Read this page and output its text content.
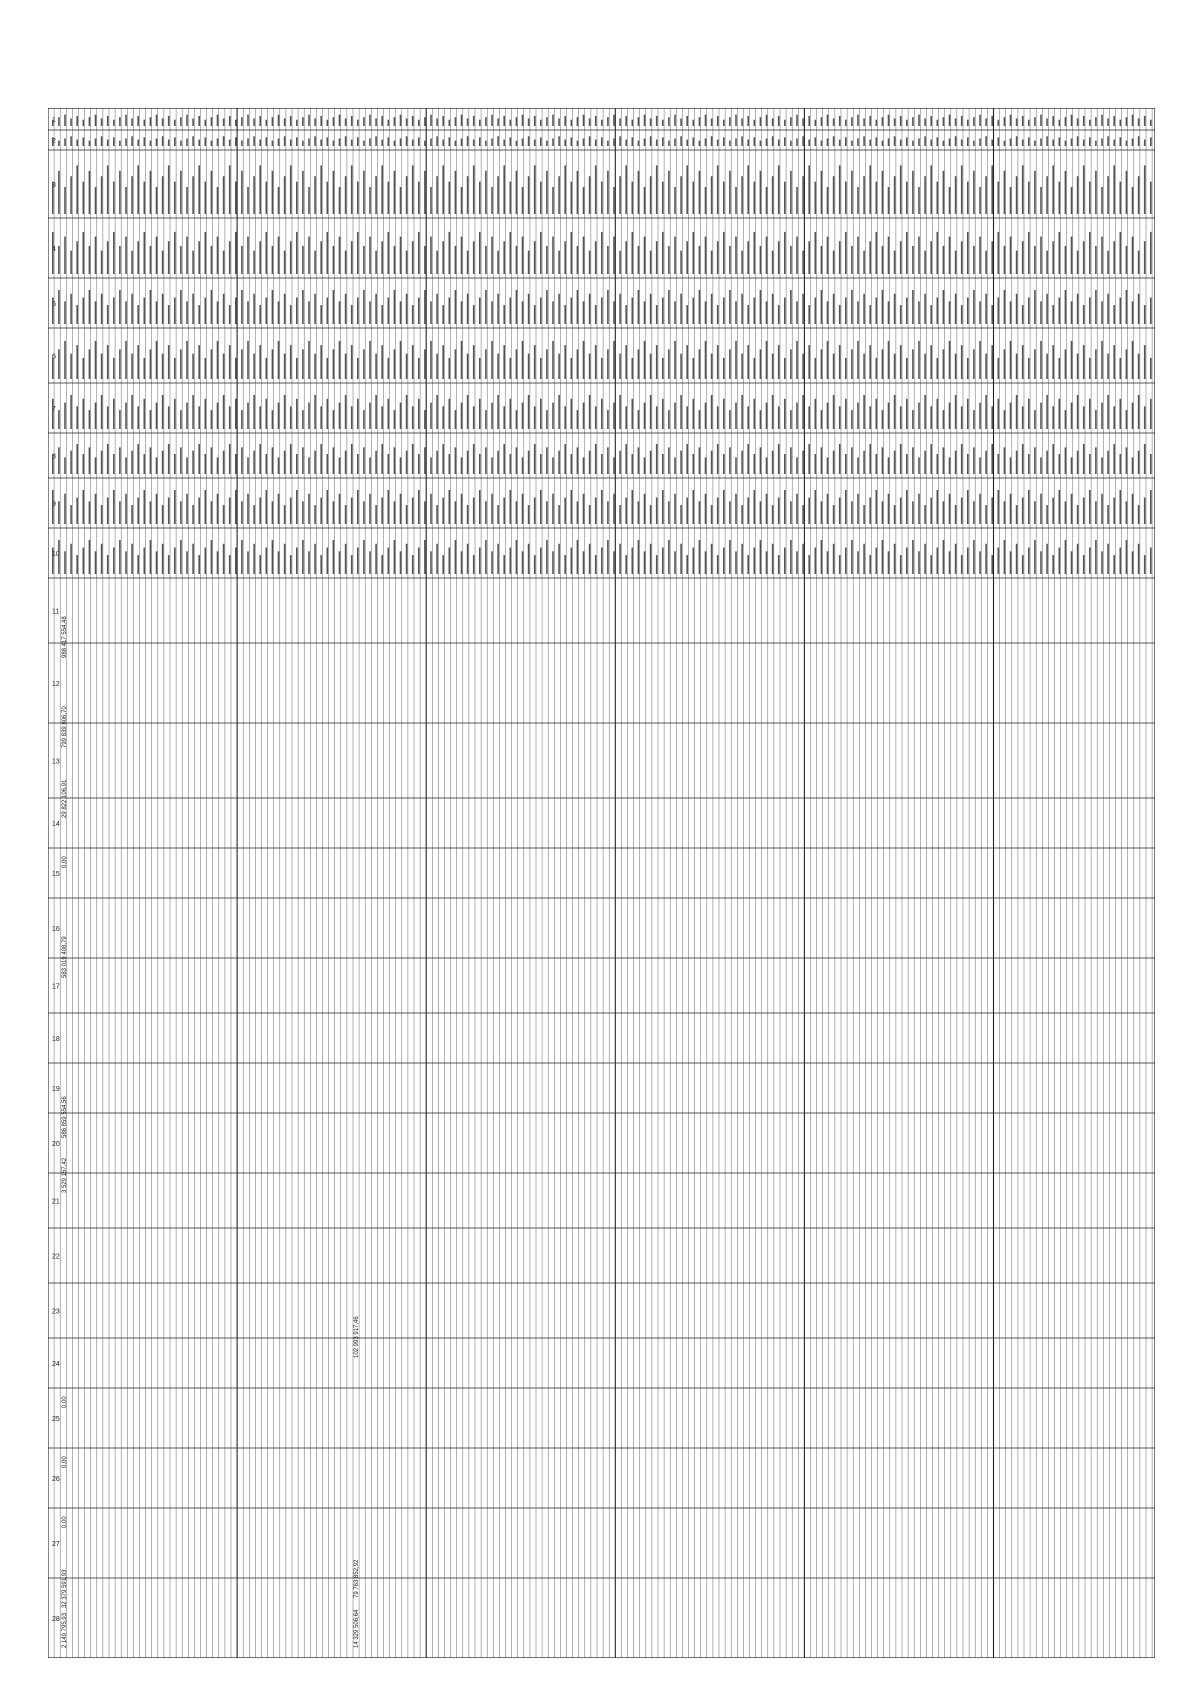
1
2
3
4
5
6
7
8
9
10
11
12
13
14
15
16
17
18
19
20
21
22
23
24
25
26
27
28
988 417 554,48
799 839 806,70
29 822 106,91
0,00
583 019 408,79
586 859 554,56
3 529 157,42
0,00
0,00
0,00
32 379 591,93
2 149 795,93
102 993 917,46
79 763 852,92
14 329 506,64
